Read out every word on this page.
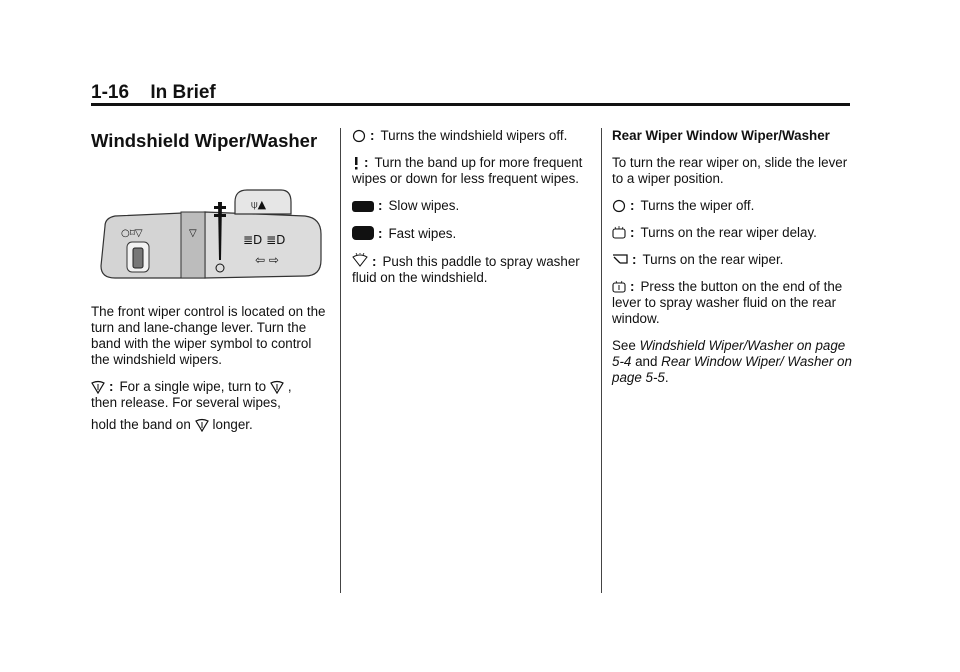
1-16 In Brief
Windshield Wiper/Washer
⍦▲
○⌑▽	▽	≣D ≣D
⇦ ⇨

The front wiper control is located on the turn and lane-change lever. Turn the band with the wiper symbol to control the windshield wipers.

: For a single wipe, turn to ,
then release. For several wipes,
hold the band on longer.

: Turns the windshield wipers off.

: Turn the band up for more frequent wipes or down for less frequent wipes.

: Slow wipes.

: Fast wipes.

: Push this paddle to spray washer fluid on the windshield.

Rear Wiper Window Wiper/Washer

To turn the rear wiper on, slide the lever to a wiper position.

: Turns the wiper off.

: Turns on the rear wiper delay.

: Turns on the rear wiper.

: Press the button on the end of the lever to spray washer fluid on the rear window.

See Windshield Wiper/Washer on page 5-4 and Rear Window Wiper/ Washer on page 5-5.
